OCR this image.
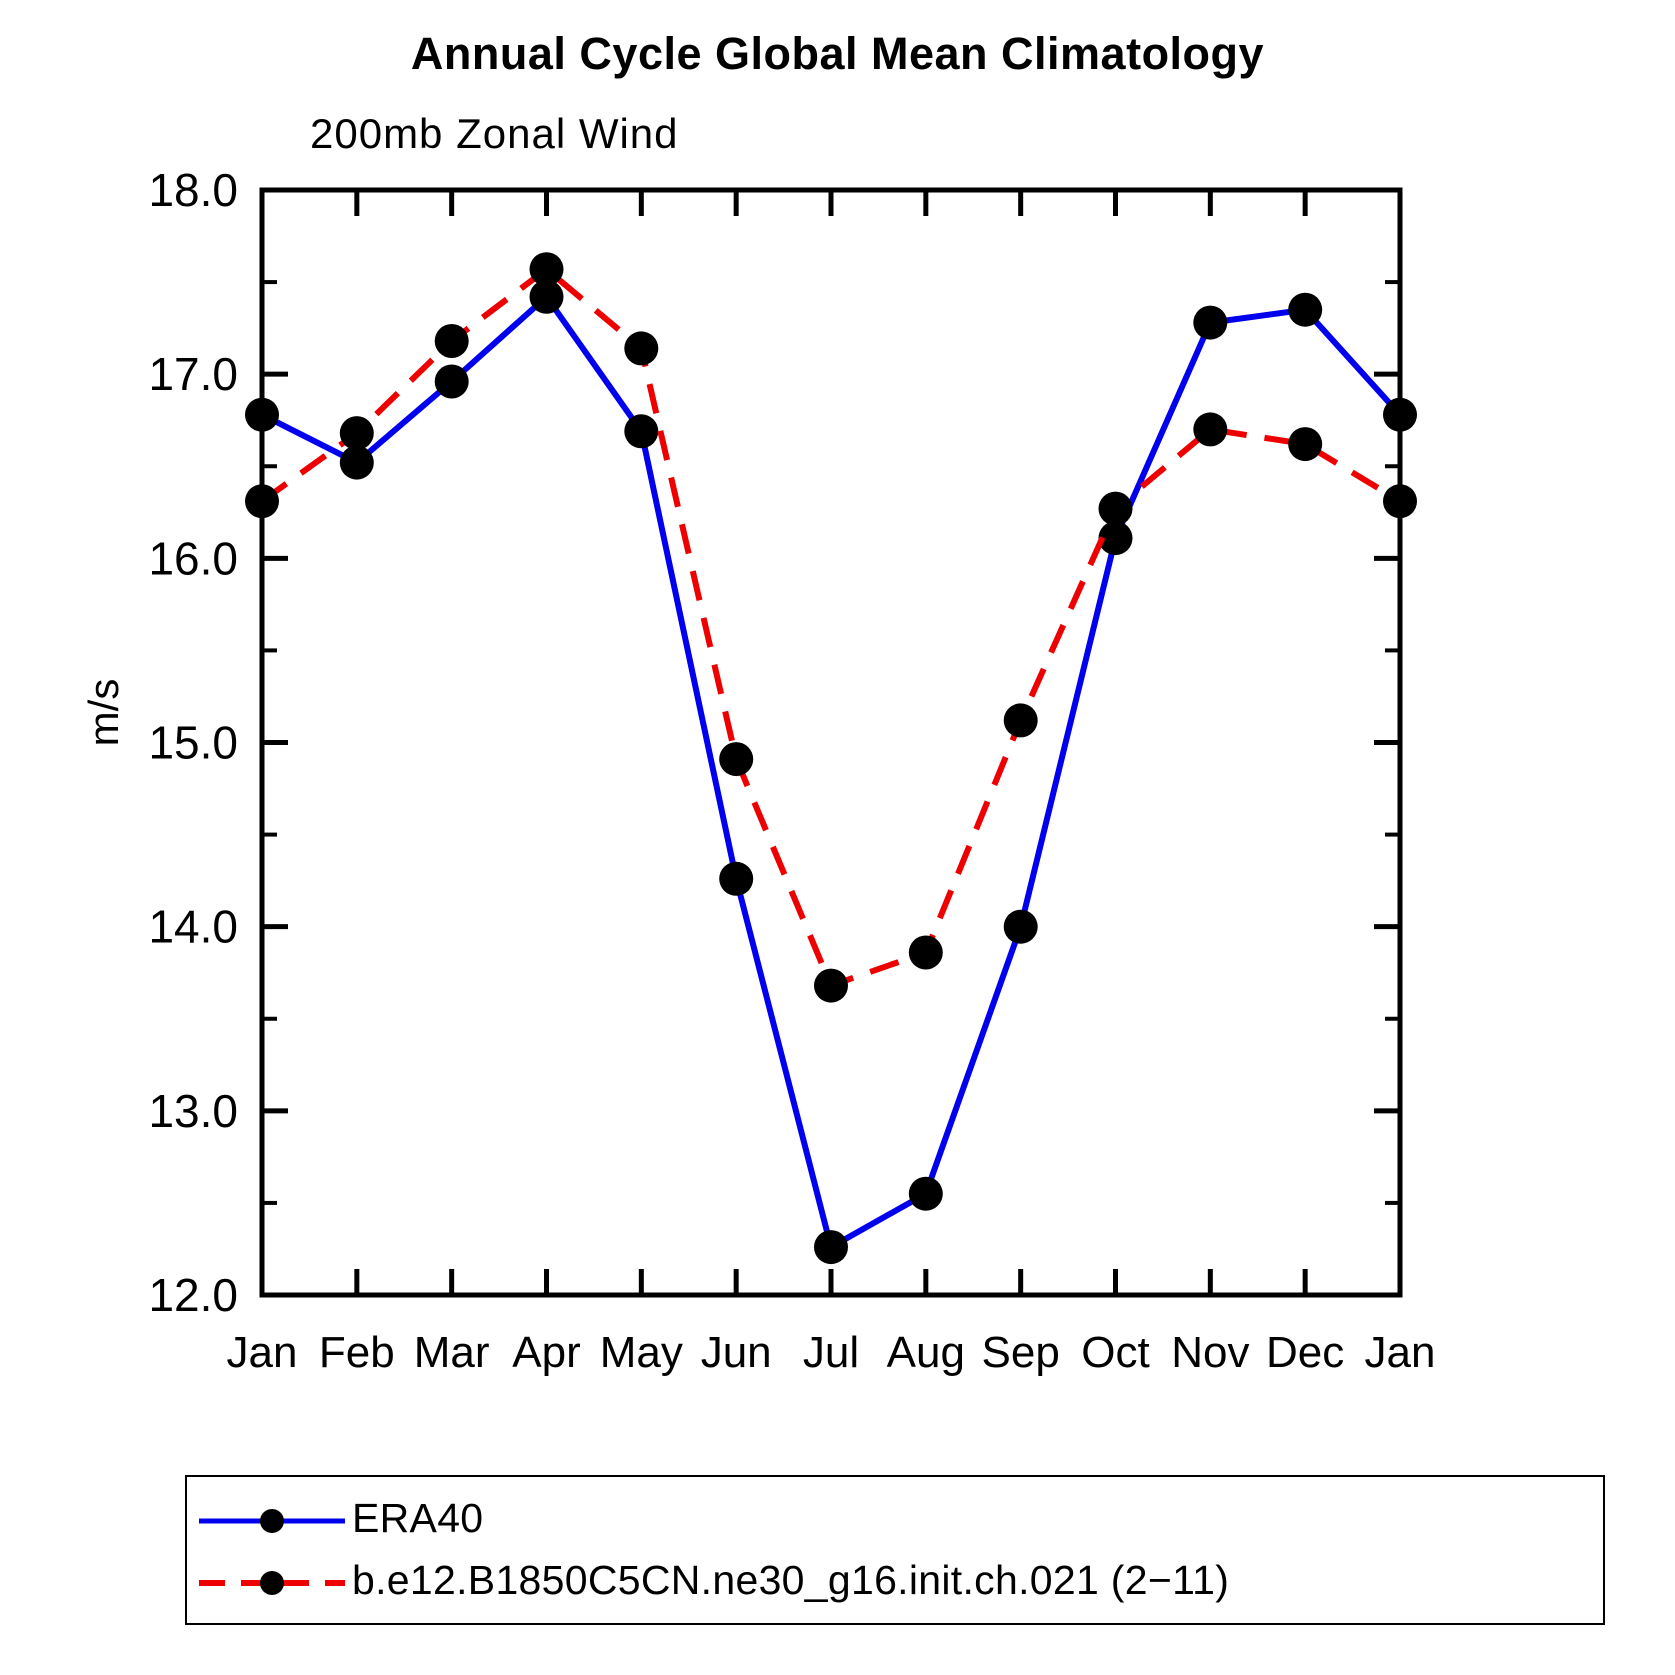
Annual Cycle Global Mean Climatology
200mb Zonal Wind
12.0
13.0
14.0
15.0
16.0
17.0
18.0
Jan Feb Mar Apr May Jun Jul Aug Sep Oct Nov Dec Jan
m/s
ERA40
b.e12.B1850C5CN.ne30_g16.init.ch.021 (2−11)
